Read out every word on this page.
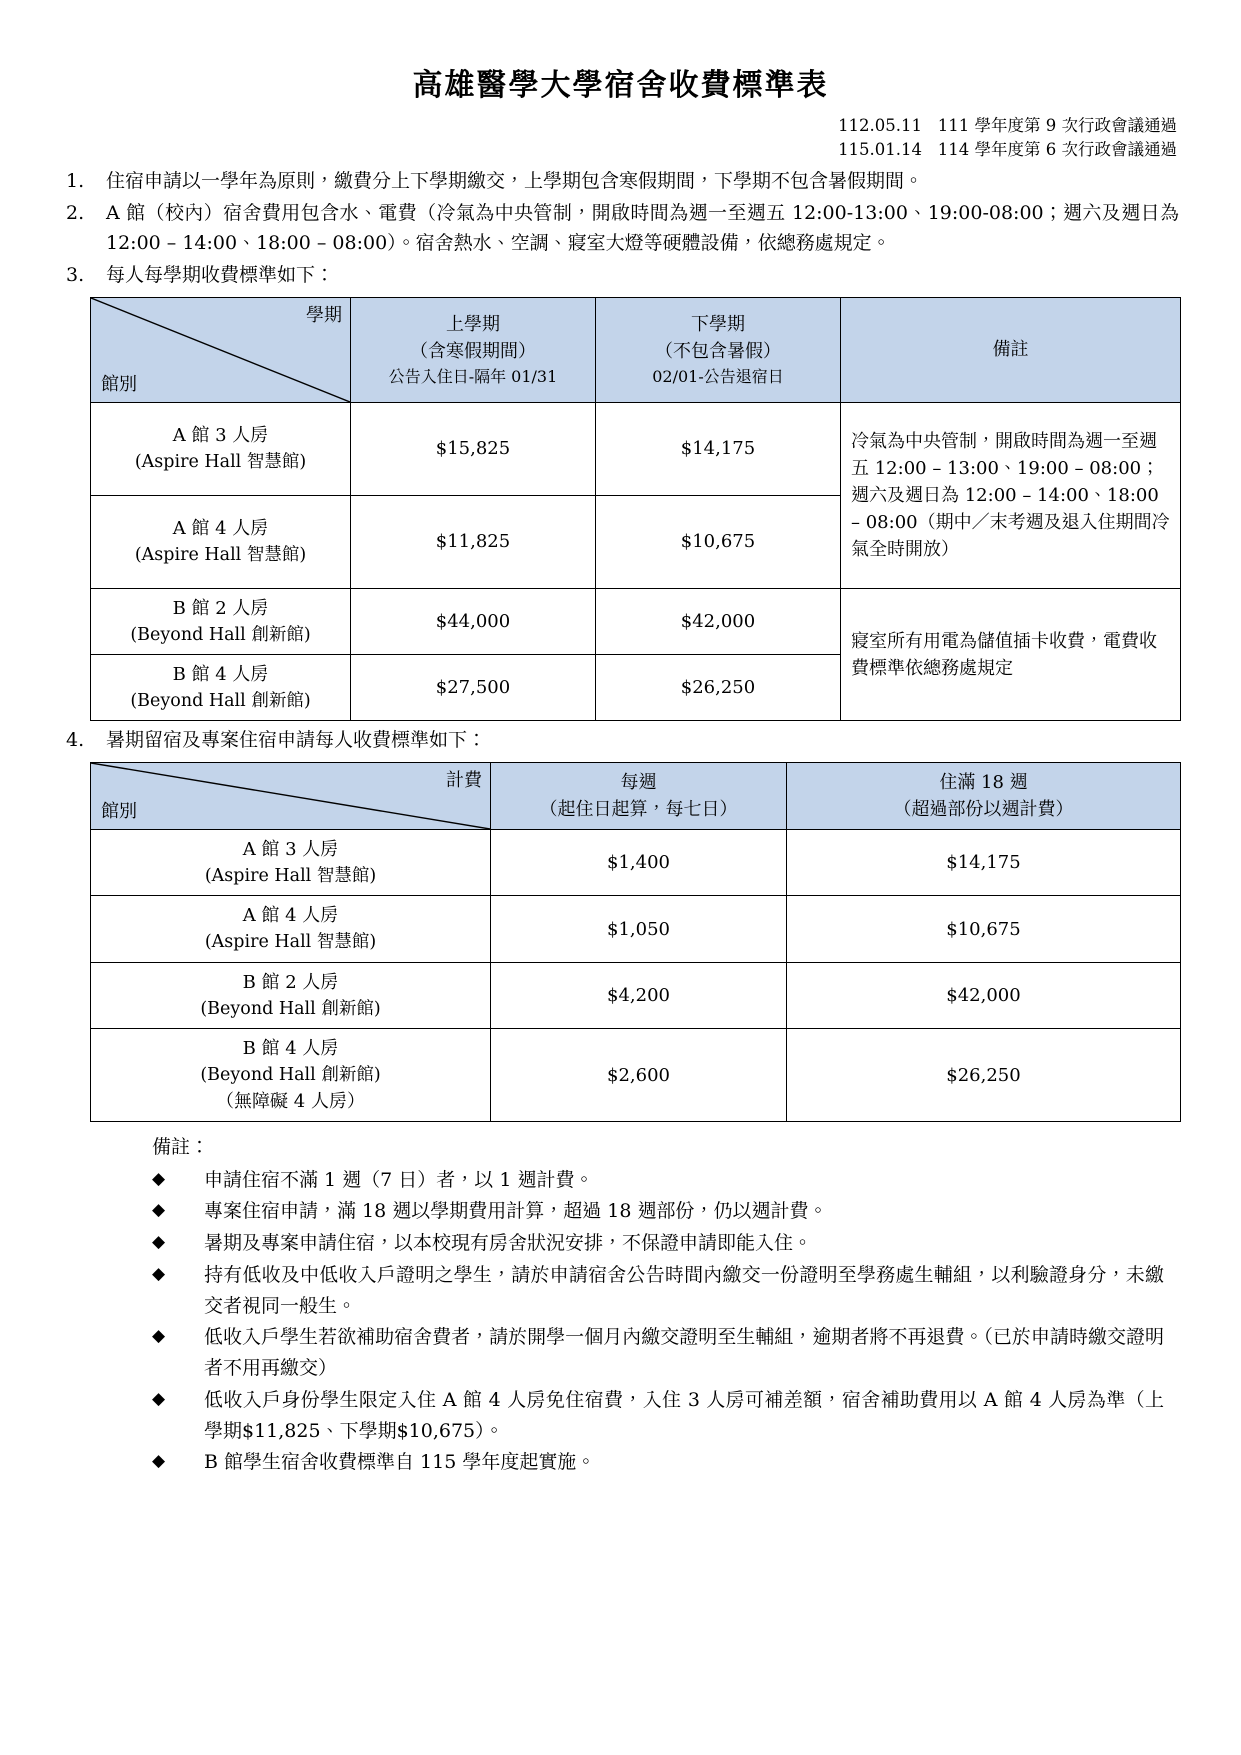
高雄醫學大學宿舍收費標準表
112.05.11   111 學年度第 9 次行政會議通過
115.01.14   114 學年度第 6 次行政會議通過
1.	住宿申請以一學年為原則，繳費分上下學期繳交，上學期包含寒假期間，下學期不包含暑假期間。
2.	A 館（校內）宿舍費用包含水、電費（冷氣為中央管制，開啟時間為週一至週五 12:00-13:00、19:00-08:00；週六及週日為 12:00 – 14:00、18:00 – 08:00）。宿舍熱水、空調、寢室大燈等硬體設備，依總務處規定。
3.	每人每學期收費標準如下：
學期
館別	上學期
（含寒假期間）
公告入住日-隔年 01/31	下學期
（不包含暑假）
02/01-公告退宿日	備註

A 館 3 人房
(Aspire Hall 智慧館)	$15,825	$14,175	冷氣為中央管制，開啟時間為週一至週五 12:00 – 13:00、19:00 – 08:00；週六及週日為 12:00 – 14:00、18:00 – 08:00（期中／末考週及退入住期間冷氣全時開放）

A 館 4 人房
(Aspire Hall 智慧館)	$11,825	$10,675	

B 館 2 人房
(Beyond Hall 創新館)	$44,000	$42,000	寢室所有用電為儲值插卡收費，電費收費標準依總務處規定

B 館 4 人房
(Beyond Hall 創新館)	$27,500	$26,250	
4.	暑期留宿及專案住宿申請每人收費標準如下：
計費
館別	每週
（起住日起算，每七日）	住滿 18 週
（超過部份以週計費）

A 館 3 人房
(Aspire Hall 智慧館)	$1,400	$14,175

A 館 4 人房
(Aspire Hall 智慧館)	$1,050	$10,675

B 館 2 人房
(Beyond Hall 創新館)	$4,200	$42,000

B 館 4 人房
(Beyond Hall 創新館)
（無障礙 4 人房）	$2,600	$26,250
備註：
◆	申請住宿不滿 1 週（7 日）者，以 1 週計費。
◆	專案住宿申請，滿 18 週以學期費用計算，超過 18 週部份，仍以週計費。
◆	暑期及專案申請住宿，以本校現有房舍狀況安排，不保證申請即能入住。
◆	持有低收及中低收入戶證明之學生，請於申請宿舍公告時間內繳交一份證明至學務處生輔組，以利驗證身分，未繳交者視同一般生。
◆	低收入戶學生若欲補助宿舍費者，請於開學一個月內繳交證明至生輔組，逾期者將不再退費。（已於申請時繳交證明者不用再繳交）
◆	低收入戶身份學生限定入住 A 館 4 人房免住宿費，入住 3 人房可補差額，宿舍補助費用以 A 館 4 人房為準（上學期$11,825、下學期$10,675）。
◆	B 館學生宿舍收費標準自 115 學年度起實施。
